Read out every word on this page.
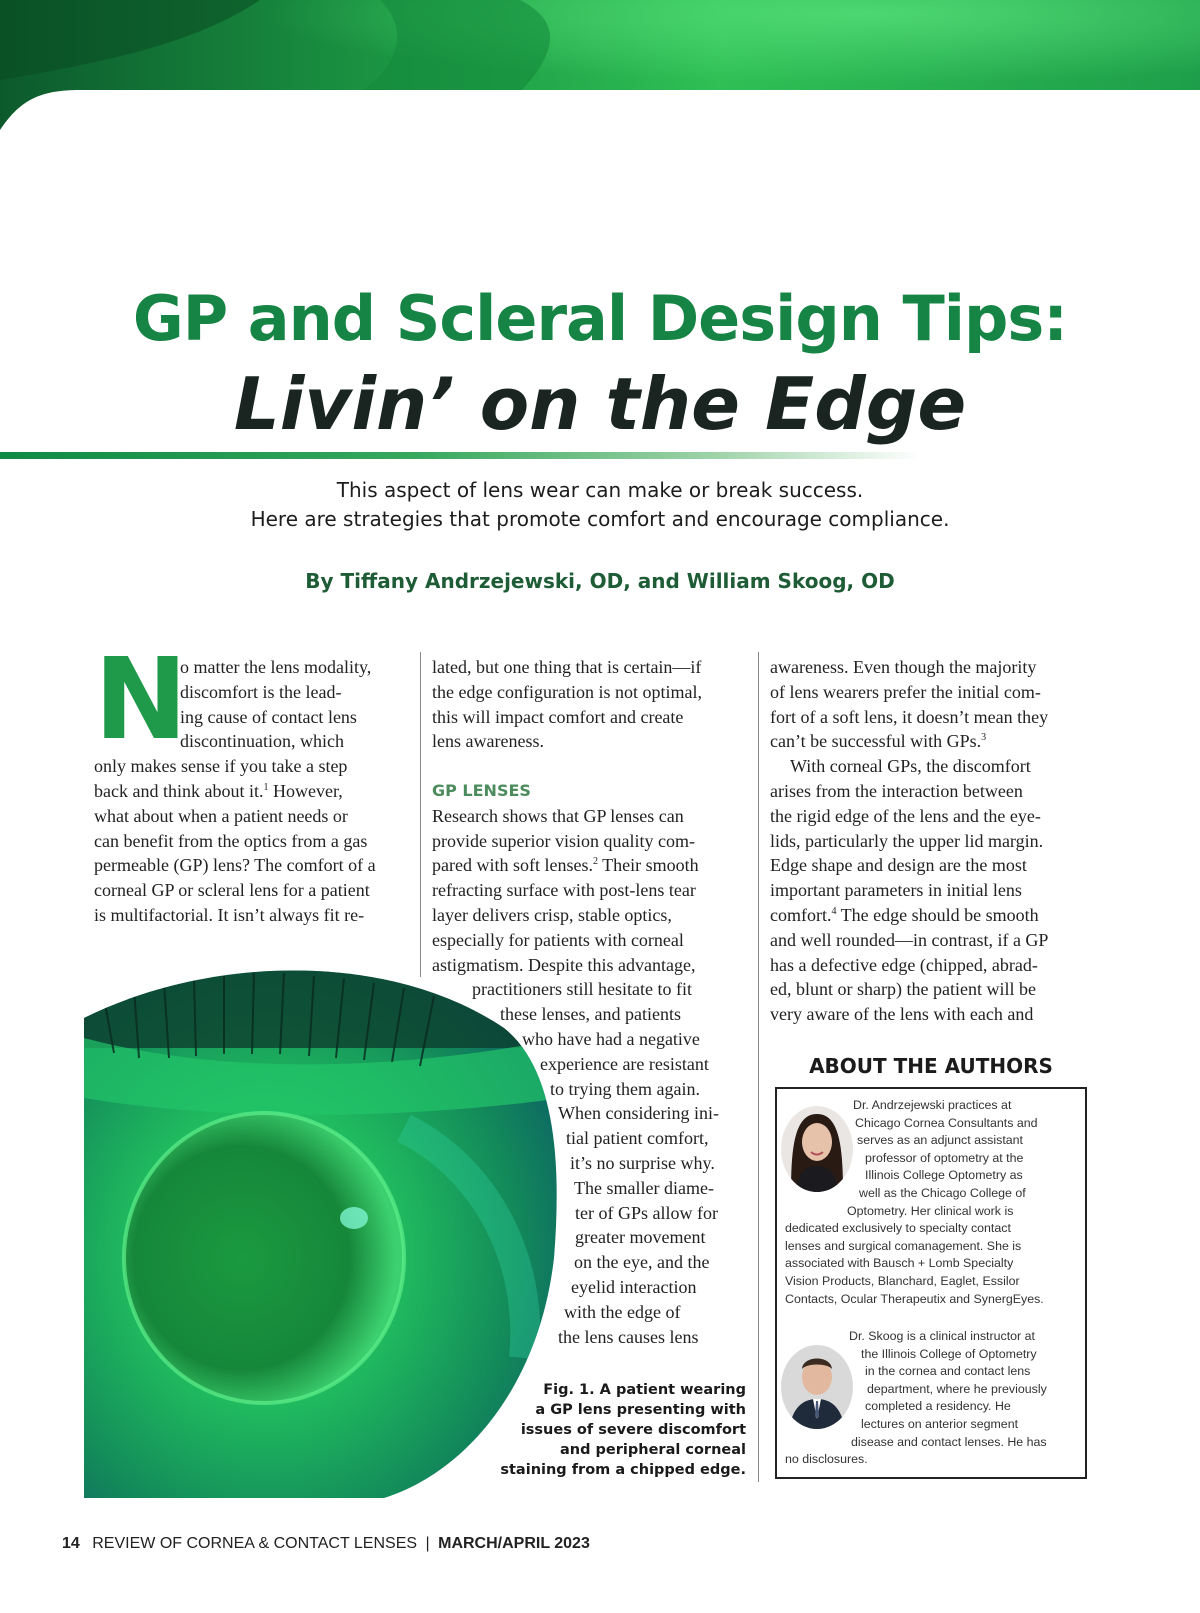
GP and Scleral Design Tips:
Livin’ on the Edge
This aspect of lens wear can make or break success.
Here are strategies that promote comfort and encourage compliance.
By Tiffany Andrzejewski, OD, and William Skoog, OD
N
o matter the lens modality,
discomfort is the lead-
ing cause of contact lens
discontinuation, which
only makes sense if you take a step
back and think about it.$^1$ However,
what about when a patient needs or
can benefit from the optics from a gas
permeable (GP) lens? The comfort of a
corneal GP or scleral lens for a patient
is multifactorial. It isn’t always fit re-
lated, but one thing that is certain—if
the edge configuration is not optimal,
this will impact comfort and create
lens awareness.

GP LENSES
Research shows that GP lenses can
provide superior vision quality com-
pared with soft lenses.$^2$ Their smooth
refracting surface with post-lens tear
layer delivers crisp, stable optics,
especially for patients with corneal
astigmatism. Despite this advantage,
practitioners still hesitate to fit
these lenses, and patients
who have had a negative
experience are resistant
to trying them again.
When considering ini-
tial patient comfort,
it’s no surprise why.
The smaller diame-
ter of GPs allow for
greater movement
on the eye, and the
eyelid interaction
with the edge of
the lens causes lens
Fig. 1. A patient wearing
a GP lens presenting with
issues of severe discomfort
and peripheral corneal
staining from a chipped edge.
awareness. Even though the majority
of lens wearers prefer the initial com-
fort of a soft lens, it doesn’t mean they
can’t be successful with GPs.$^3$
With corneal GPs, the discomfort
arises from the interaction between
the rigid edge of the lens and the eye-
lids, particularly the upper lid margin.
Edge shape and design are the most
important parameters in initial lens
comfort.$^4$ The edge should be smooth
and well rounded—in contrast, if a GP
has a defective edge (chipped, abrad-
ed, blunt or sharp) the patient will be
very aware of the lens with each and
ABOUT THE AUTHORS
Dr. Andrzejewski practices at
Chicago Cornea Consultants and
serves as an adjunct assistant
professor of optometry at the
Illinois College Optometry as
well as the Chicago College of
Optometry. Her clinical work is
dedicated exclusively to specialty contact
lenses and surgical comanagement. She is
associated with Bausch + Lomb Specialty
Vision Products, Blanchard, Eaglet, Essilor
Contacts, Ocular Therapeutix and SynergEyes.
Dr. Skoog is a clinical instructor at
the Illinois College of Optometry
in the cornea and contact lens
department, where he previously
completed a residency. He
lectures on anterior segment
disease and contact lenses. He has
no disclosures.
14 REVIEW OF CORNEA & CONTACT LENSES | MARCH/APRIL 2023
